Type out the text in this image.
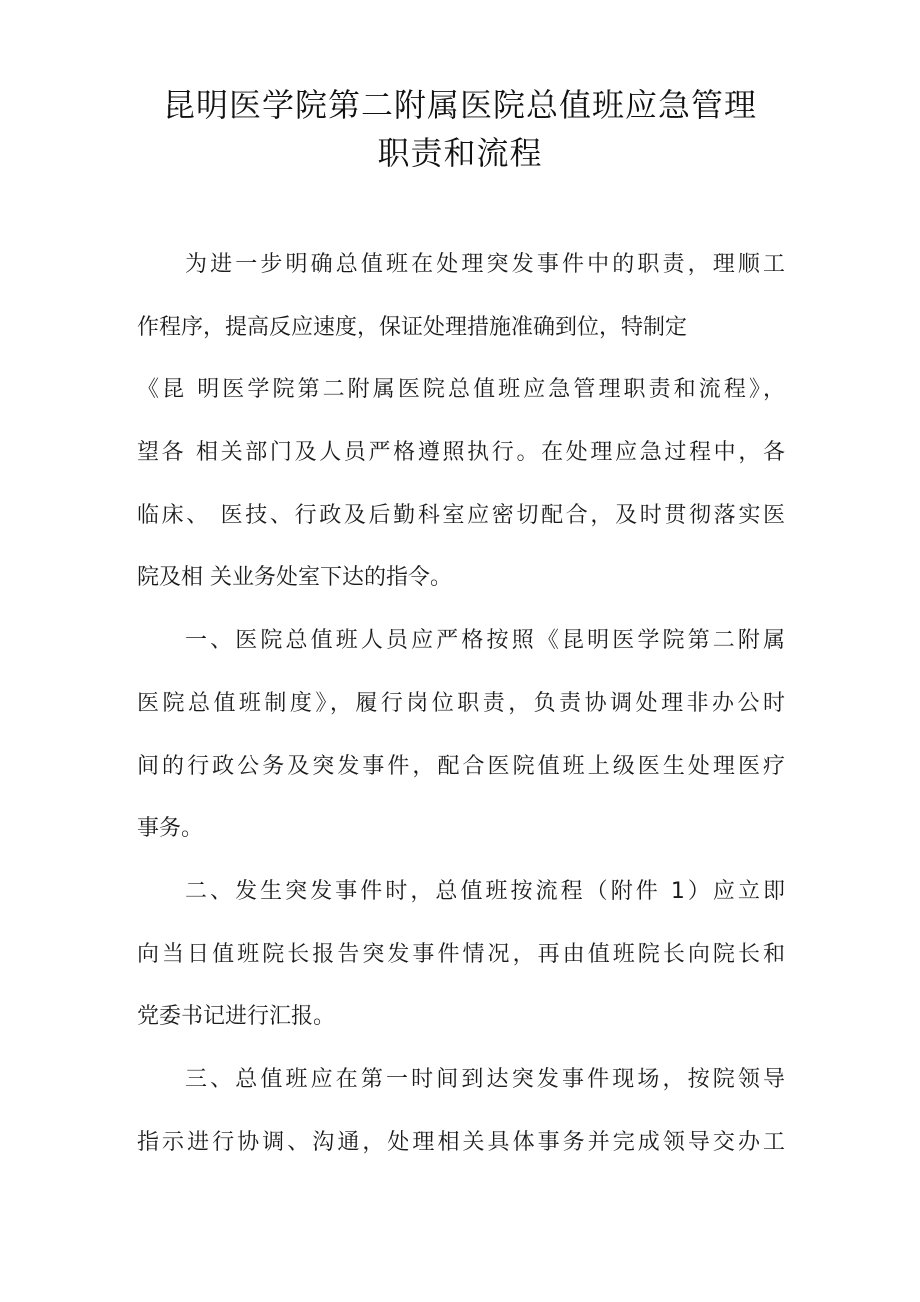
昆明医学院第二附属医院总值班应急管理
职责和流程
为进一步明确总值班在处理突发事件中的职责，理顺工
作程序，提高反应速度，保证处理措施准确到位，特制定
《昆 明医学院第二附属医院总值班应急管理职责和流程》，
望各 相关部门及人员严格遵照执行。在处理应急过程中，各
临床、 医技、行政及后勤科室应密切配合，及时贯彻落实医
院及相 关业务处室下达的指令。
一、医院总值班人员应严格按照《昆明医学院第二附属
医院总值班制度》，履行岗位职责，负责协调处理非办公时
间的行政公务及突发事件，配合医院值班上级医生处理医疗
事务。
二、发生突发事件时，总值班按流程（附件 1）应立即
向当日值班院长报告突发事件情况，再由值班院长向院长和
党委书记进行汇报。
三、总值班应在第一时间到达突发事件现场，按院领导
指示进行协调、沟通，处理相关具体事务并完成领导交办工
